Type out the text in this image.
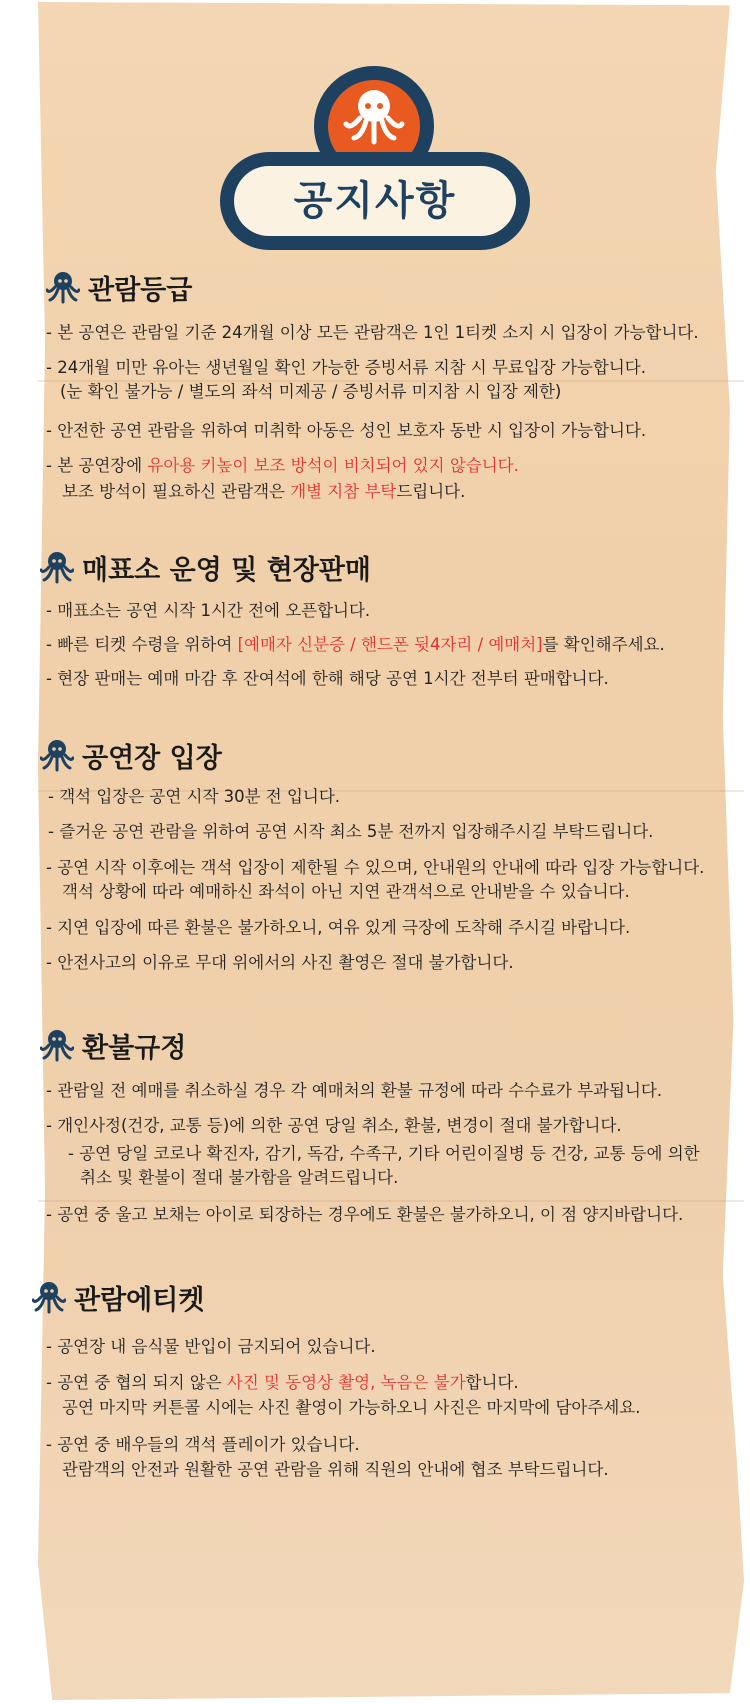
공지사항
관람등급
- 본 공연은 관람일 기준 24개월 이상 모든 관람객은 1인 1티켓 소지 시 입장이 가능합니다.
- 24개월 미만 유아는 생년월일 확인 가능한 증빙서류 지참 시 무료입장 가능합니다.
(눈 확인 불가능 / 별도의 좌석 미제공 / 증빙서류 미지참 시 입장 제한)
- 안전한 공연 관람을 위하여 미취학 아동은 성인 보호자 동반 시 입장이 가능합니다.
- 본 공연장에 유아용 키높이 보조 방석이 비치되어 있지 않습니다.
보조 방석이 필요하신 관람객은 개별 지참 부탁드립니다.
매표소 운영 및 현장판매
- 매표소는 공연 시작 1시간 전에 오픈합니다.
- 빠른 티켓 수령을 위하여 [예매자 신분증 / 핸드폰 뒷4자리 / 예매처]를 확인해주세요.
- 현장 판매는 예매 마감 후 잔여석에 한해 해당 공연 1시간 전부터 판매합니다.
공연장 입장
- 객석 입장은 공연 시작 30분 전 입니다.
- 즐거운 공연 관람을 위하여 공연 시작 최소 5분 전까지 입장해주시길 부탁드립니다.
- 공연 시작 이후에는 객석 입장이 제한될 수 있으며, 안내원의 안내에 따라 입장 가능합니다.
객석 상황에 따라 예매하신 좌석이 아닌 지연 관객석으로 안내받을 수 있습니다.
- 지연 입장에 따른 환불은 불가하오니, 여유 있게 극장에 도착해 주시길 바랍니다.
- 안전사고의 이유로 무대 위에서의 사진 촬영은 절대 불가합니다.
환불규정
- 관람일 전 예매를 취소하실 경우 각 예매처의 환불 규정에 따라 수수료가 부과됩니다.
- 개인사정(건강, 교통 등)에 의한 공연 당일 취소, 환불, 변경이 절대 불가합니다.
- 공연 당일 코로나 확진자, 감기, 독감, 수족구, 기타 어린이질병 등 건강, 교통 등에 의한
취소 및 환불이 절대 불가함을 알려드립니다.
- 공연 중 울고 보채는 아이로 퇴장하는 경우에도 환불은 불가하오니, 이 점 양지바랍니다.
관람에티켓
- 공연장 내 음식물 반입이 금지되어 있습니다.
- 공연 중 협의 되지 않은 사진 및 동영상 촬영, 녹음은 불가합니다.
공연 마지막 커튼콜 시에는 사진 촬영이 가능하오니 사진은 마지막에 담아주세요.
- 공연 중 배우들의 객석 플레이가 있습니다.
관람객의 안전과 원활한 공연 관람을 위해 직원의 안내에 협조 부탁드립니다.
